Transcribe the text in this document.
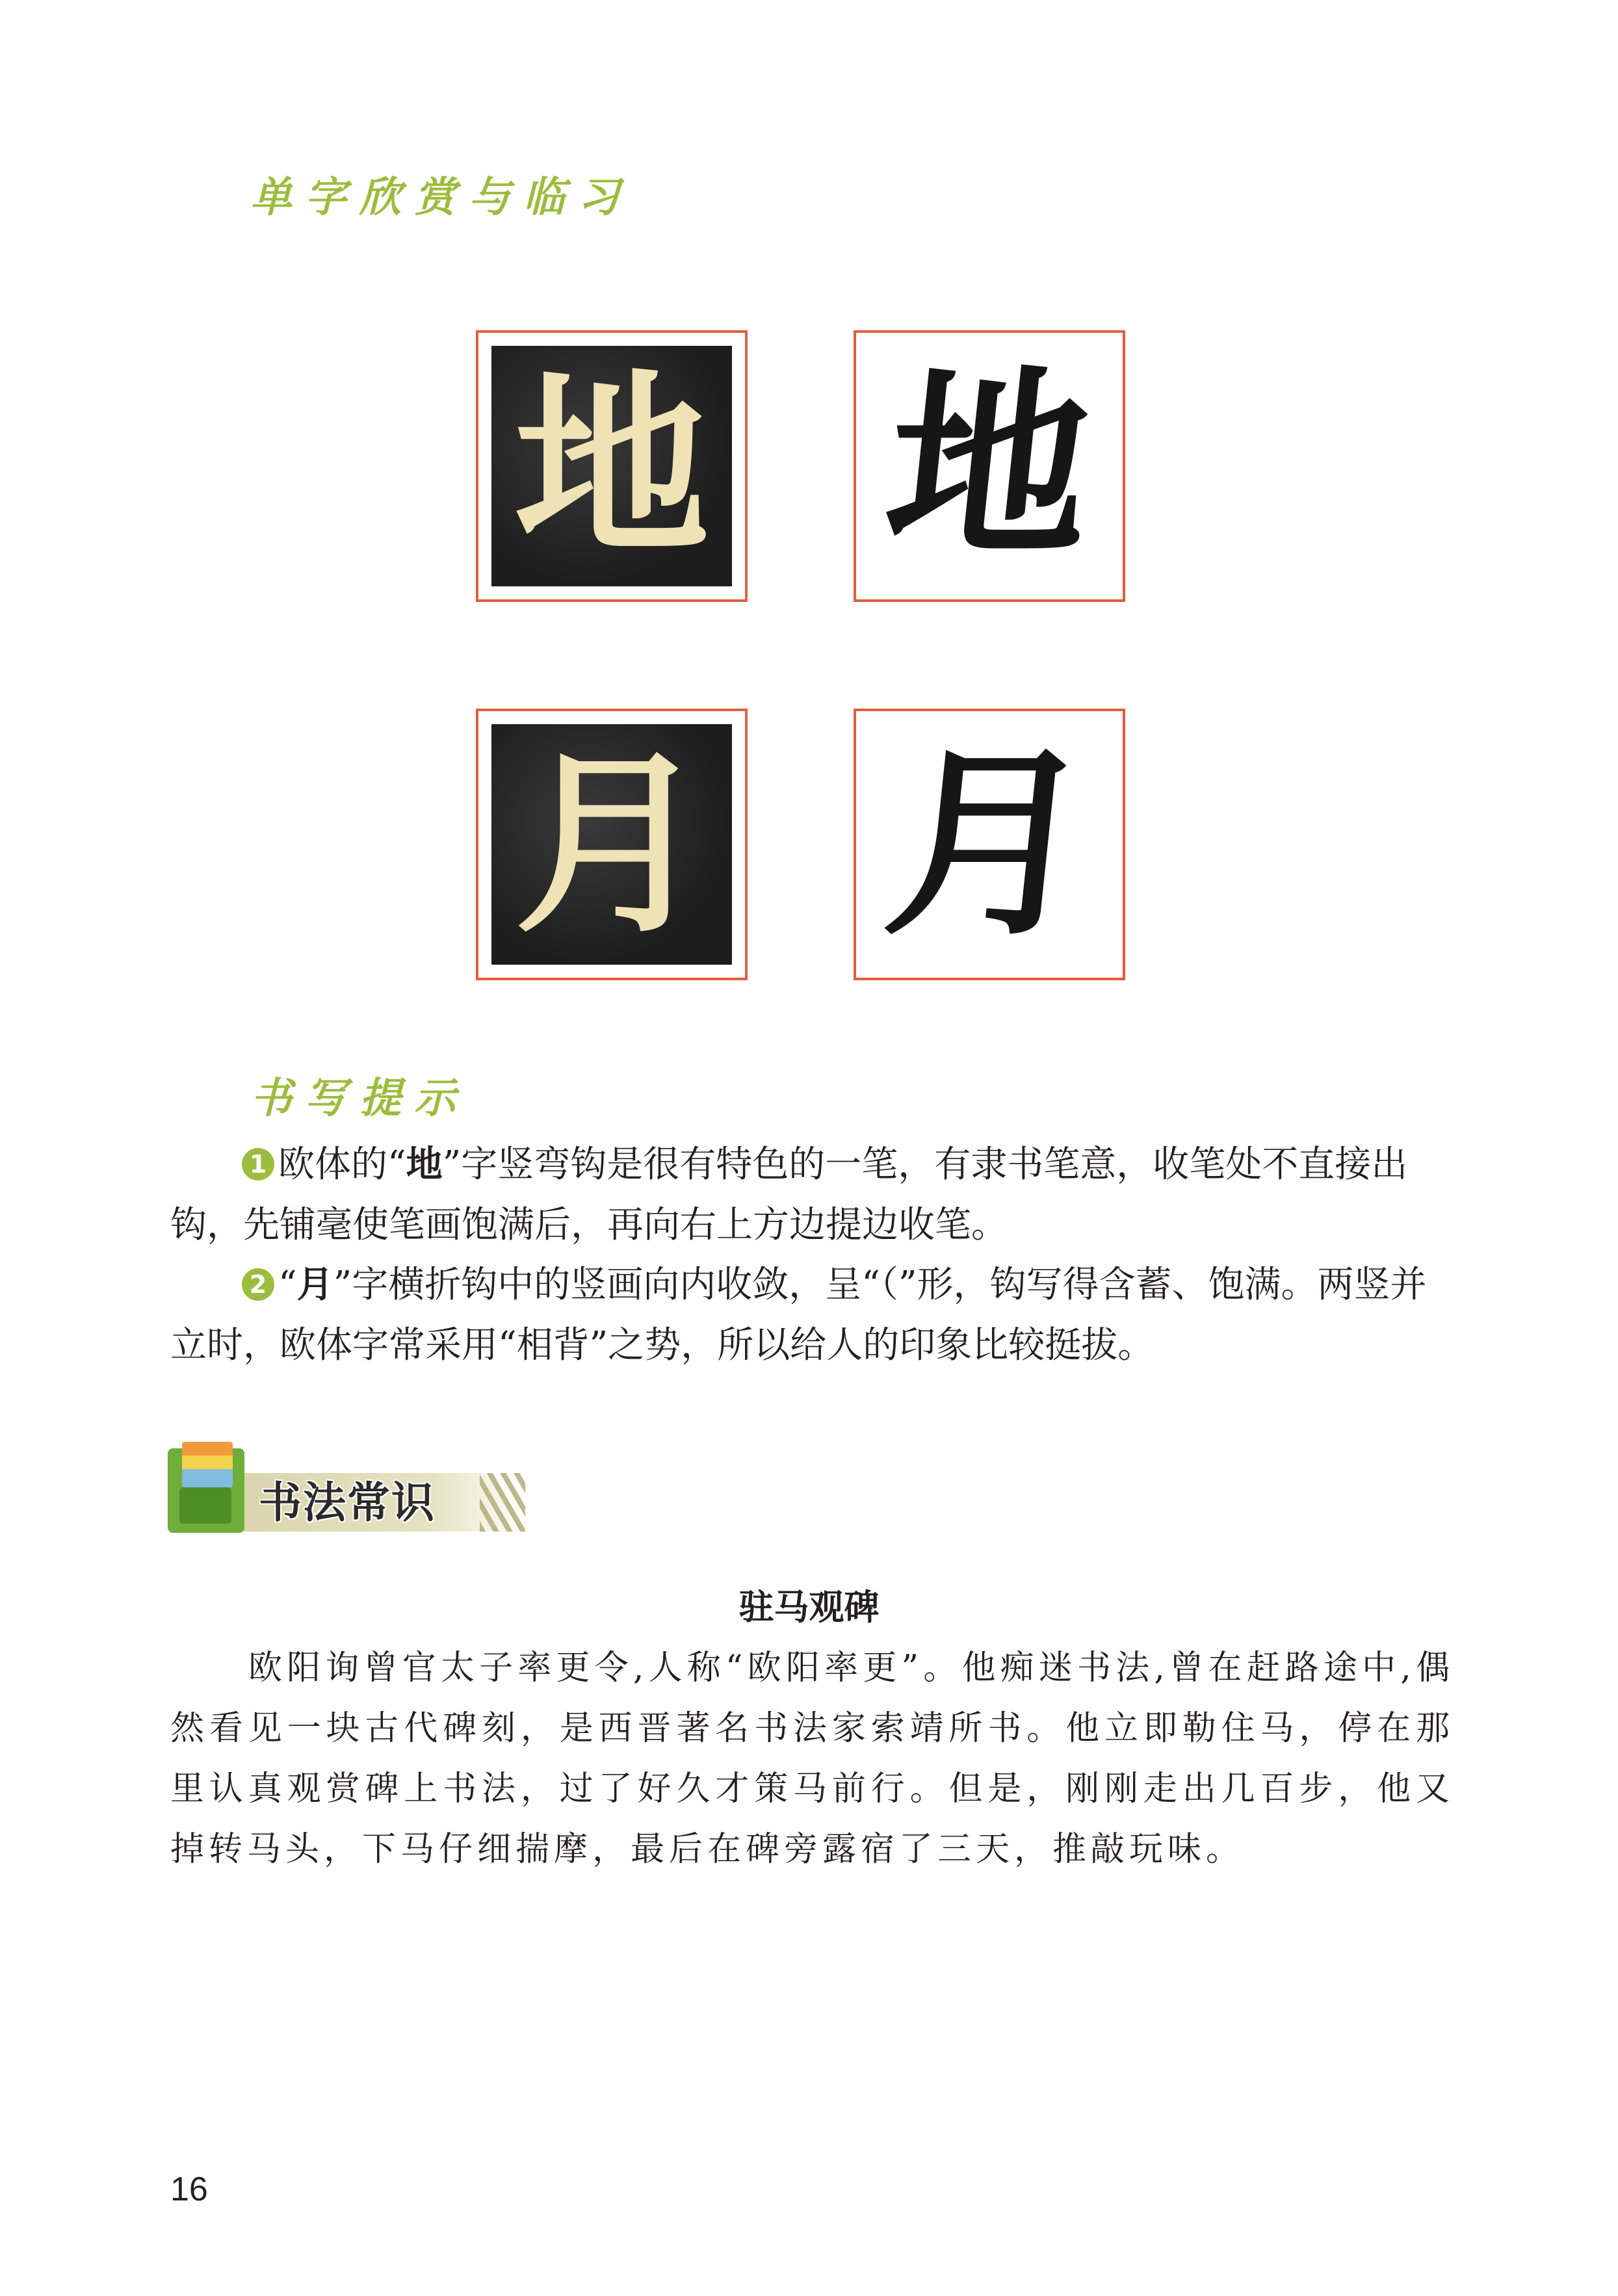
单字欣赏与临习
地 地
月 月
书写提示

1 欧体的“地”字竖弯钩是很有特色的一笔，有隶书笔意，收笔处不直接出钩，先铺毫使笔画饱满后，再向右上方边提边收笔。

2 “月”字横折钩中的竖画向内收敛，呈“（”形，钩写得含蓄、饱满。两竖并立时，欧体字常采用“相背”之势，所以给人的印象比较挺拔。

书法常识
驻马观碑

欧阳询曾官太子率更令,人称“欧阳率更”。他痴迷书法,曾在赶路途中,偶然看见一块古代碑刻，是西晋著名书法家索靖所书。他立即勒住马，停在那里认真观赏碑上书法，过了好久才策马前行。但是，刚刚走出几百步，他又掉转马头，下马仔细揣摩，最后在碑旁露宿了三天，推敲玩味。

16
